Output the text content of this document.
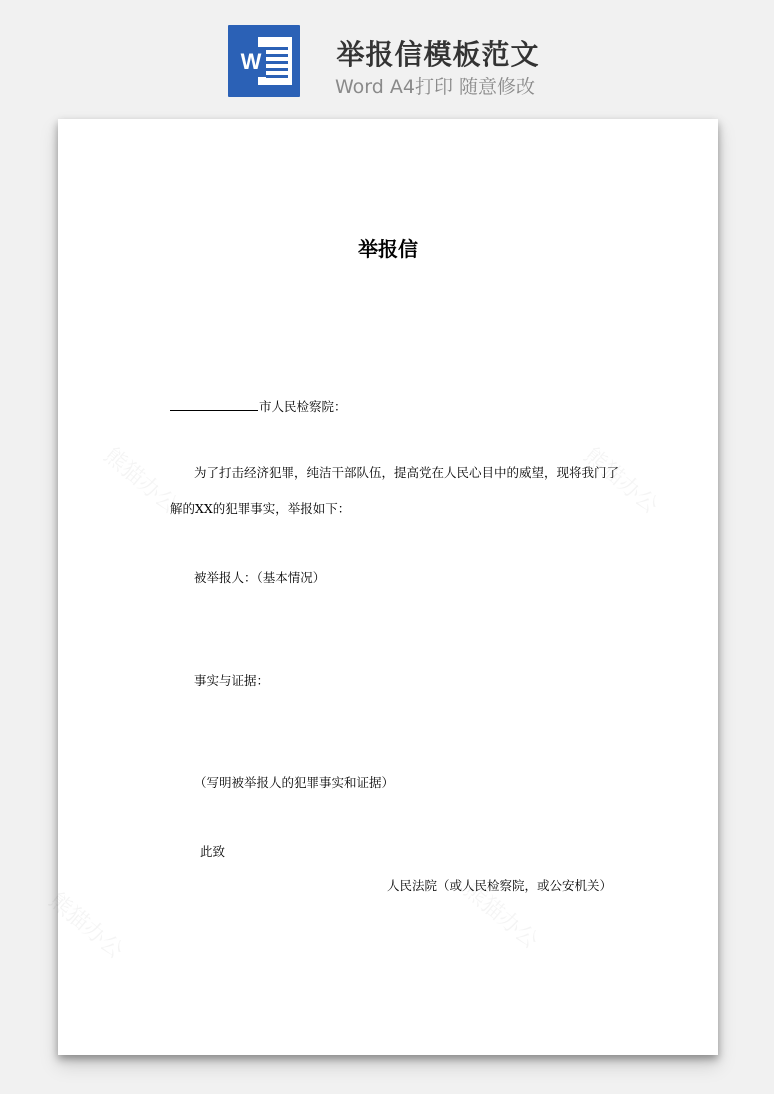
W	举报信模板范文
Word A4打印 随意修改
举报信
市人民检察院：
为了打击经济犯罪，纯洁干部队伍，提高党在人民心目中的威望，现将我门了
解的XX的犯罪事实，举报如下：
被举报人：（基本情况）
事实与证据：
（写明被举报人的犯罪事实和证据）
此致
人民法院（或人民检察院，或公安机关）
